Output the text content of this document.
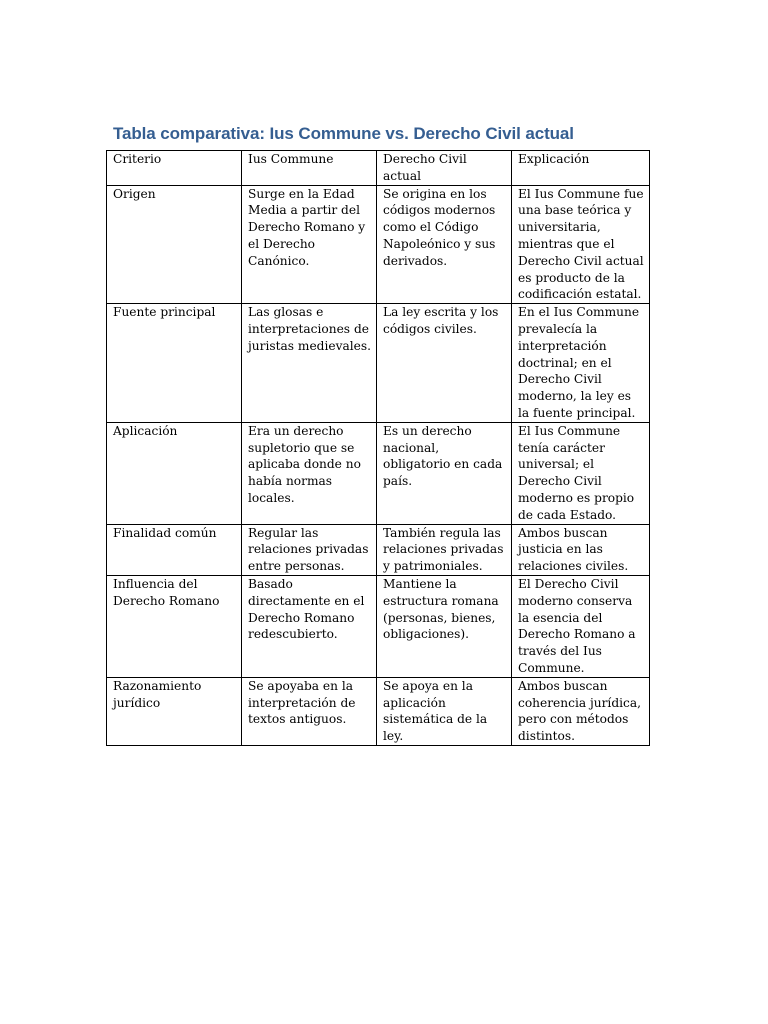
Tabla comparativa: Ius Commune vs. Derecho Civil actual
Criterio	Ius Commune	Derecho Civil actual	Explicación

Origen	Surge en la Edad Media a partir del Derecho Romano y el Derecho Canónico.	Se origina en los códigos modernos como el Código Napoleónico y sus derivados.	El Ius Commune fue una base teórica y universitaria, mientras que el Derecho Civil actual es producto de la codificación estatal.

Fuente principal	Las glosas e interpretaciones de juristas medievales.	La ley escrita y los códigos civiles.	En el Ius Commune prevalecía la interpretación doctrinal; en el Derecho Civil moderno, la ley es la fuente principal.

Aplicación	Era un derecho supletorio que se aplicaba donde no había normas locales.	Es un derecho nacional, obligatorio en cada país.	El Ius Commune tenía carácter universal; el Derecho Civil moderno es propio de cada Estado.

Finalidad común	Regular las relaciones privadas entre personas.	También regula las relaciones privadas y patrimoniales.	Ambos buscan justicia en las relaciones civiles.

Influencia del Derecho Romano	Basado directamente en el Derecho Romano redescubierto.	Mantiene la estructura romana (personas, bienes, obligaciones).	El Derecho Civil moderno conserva la esencia del Derecho Romano a través del Ius Commune.

Razonamiento jurídico	Se apoyaba en la interpretación de textos antiguos.	Se apoya en la aplicación sistemática de la ley.	Ambos buscan coherencia jurídica, pero con métodos distintos.
